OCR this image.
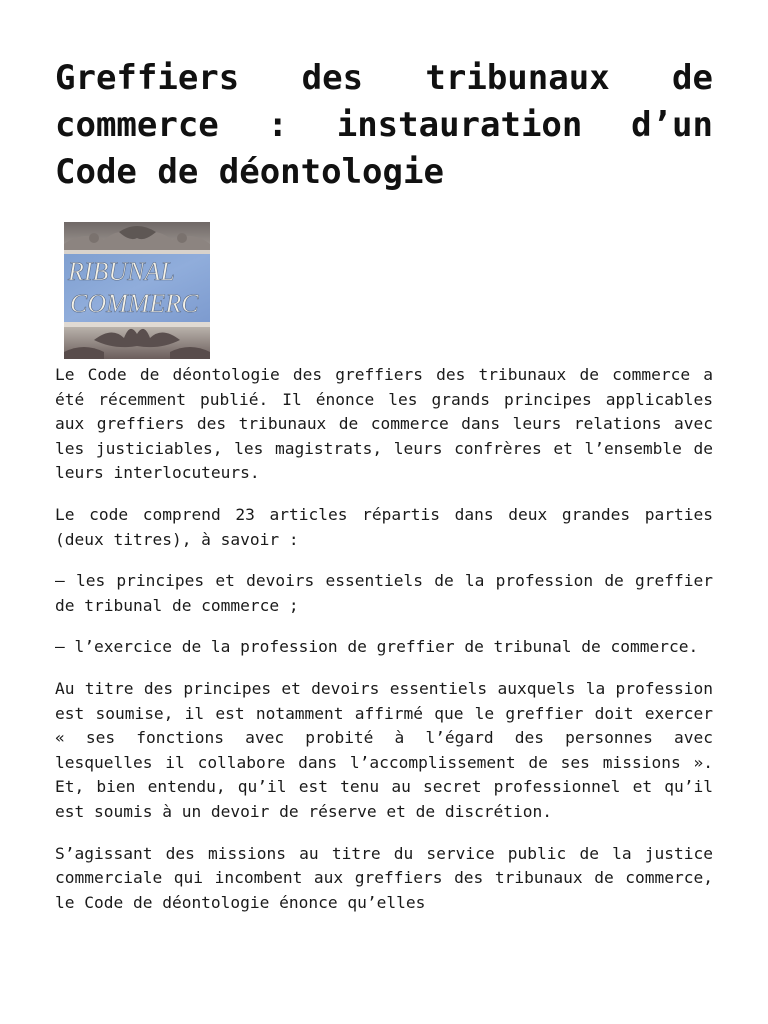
Greffiers des tribunaux de commerce : instauration d’un Code de déontologie
RIBUNAL
COMMERC

Le Code de déontologie des greffiers des tribunaux de commerce a été récemment publié. Il énonce les grands principes applicables aux greffiers des tribunaux de commerce dans leurs relations avec les justiciables, les magistrats, leurs confrères et l’ensemble de leurs interlocuteurs.

Le code comprend 23 articles répartis dans deux grandes parties (deux titres), à savoir :

– les principes et devoirs essentiels de la profession de greffier de tribunal de commerce ;

– l’exercice de la profession de greffier de tribunal de commerce.

Au titre des principes et devoirs essentiels auxquels la profession est soumise, il est notamment affirmé que le greffier doit exercer « ses fonctions avec probité à l’égard des personnes avec lesquelles il collabore dans l’accomplissement de ses missions ». Et, bien entendu, qu’il est tenu au secret professionnel et qu’il est soumis à un devoir de réserve et de discrétion.

S’agissant des missions au titre du service public de la justice commerciale qui incombent aux greffiers des tribunaux de commerce, le Code de déontologie énonce qu’elles
